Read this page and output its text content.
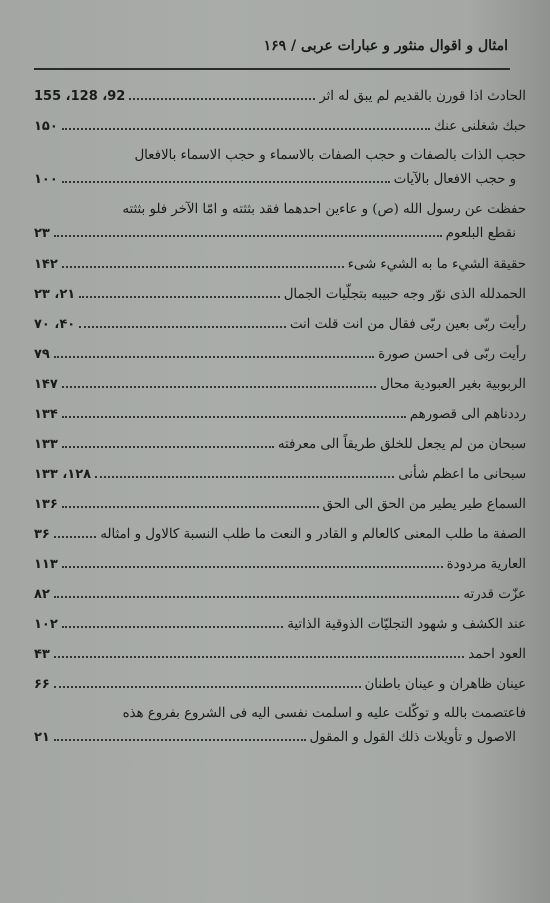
امثال و اقوال منثور و عبارات عربی / ۱۶۹
الحادث اذا قورن بالقديم لم يبق له اثر
155 ،128 ،92
حبك شغلنی عنك
۱۵۰
حجب الذات بالصفات و حجب الصفات بالاسماء و حجب الاسماء بالافعال
و حجب الافعال بالآيات
۱۰۰
حفظت عن رسول الله (ص) و عاءين احدهما فقد بثثته و امّا الآخر فلو بثثته
نقطع البلعوم
۲۳
حقيقة الشيء ما به الشيء شیء
۱۴۲
الحمدلله الذی نوّر وجه حبيبه بتجلّيات الجمال
۲۳ ،۲۱
رأيت ربّی بعين ربّی فقال من انت قلت انت
۷۰ ،۴۰
رأيت ربّی فی احسن صورة
۷۹
الربوبية بغير العبودية محال
۱۴۷
رددناهم الی قصورهم
۱۳۴
سبحان من لم يجعل للخلق طريقاً الی معرفته
۱۳۳
سبحانی ما اعظم شأنی
۱۳۳ ،۱۲۸
السماع طير يطير من الحق الی الحق
۱۳۶
الصفة ما طلب المعنی كالعالم و القادر و النعت ما طلب النسبة كالاول و امثاله
۳۶
العارية مردودة
۱۱۳
عزّت قدرته
۸۲
عند الكشف و شهود التجليّات الذوقية الذاتية
۱۰۲
العود احمد
۴۳
عينان ظاهران و عينان باطنان
۶۶
فاعتصمت بالله و توكّلت عليه و اسلمت نفسی اليه فی الشروع بفروع هذه
الاصول و تأويلات ذلك القول و المقول
۲۱
